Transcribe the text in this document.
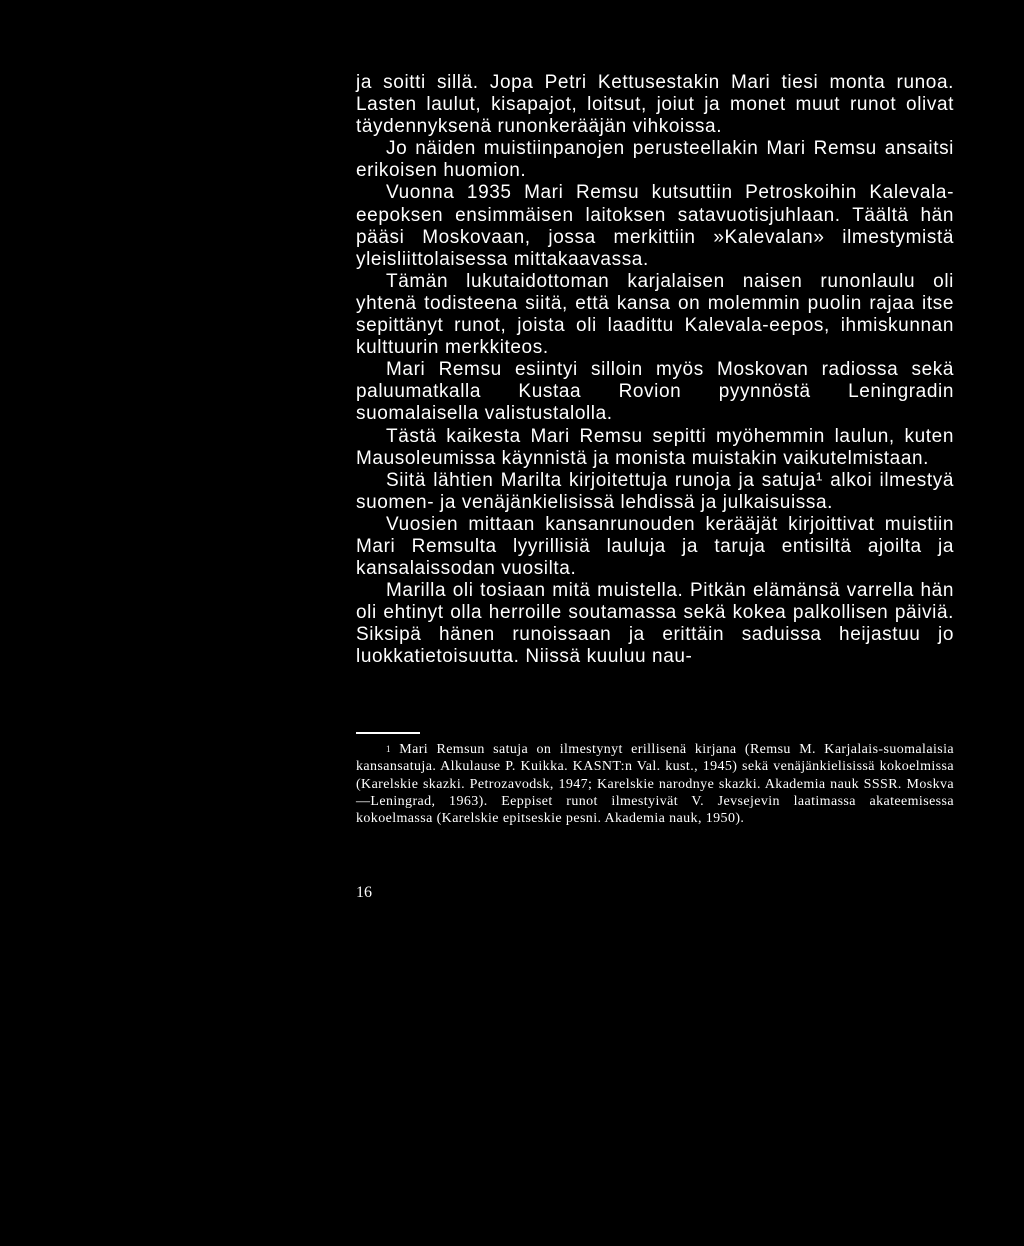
ja soitti sillä. Jopa Petri Kettusestakin Mari tiesi monta runoa. Lasten laulut, kisapajot, loitsut, joiut ja monet muut runot olivat täydennyksenä runonkerääjän vihkoissa.

Jo näiden muistiinpanojen perusteellakin Mari Remsu ansaitsi erikoisen huomion.

Vuonna 1935 Mari Remsu kutsuttiin Petroskoihin Kalevala-eepoksen ensimmäisen laitoksen satavuotisjuhlaan. Täältä hän pääsi Moskovaan, jossa merkittiin »Kalevalan» ilmestymistä yleisliittolaisessa mittakaavassa.

Tämän lukutaidottoman karjalaisen naisen runonlaulu oli yhtenä todisteena siitä, että kansa on molemmin puolin rajaa itse sepittänyt runot, joista oli laadittu Kalevala-eepos, ihmiskunnan kulttuurin merkkiteos.

Mari Remsu esiintyi silloin myös Moskovan radiossa sekä paluumatkalla Kustaa Rovion pyynnöstä Leningradin suomalaisella valistustalolla.

Tästä kaikesta Mari Remsu sepitti myöhemmin laulun, kuten Mausoleumissa käynnistä ja monista muistakin vaikutelmistaan.

Siitä lähtien Marilta kirjoitettuja runoja ja satuja¹ alkoi ilmestyä suomen- ja venäjänkielisissä lehdissä ja julkaisuissa.

Vuosien mittaan kansanrunouden kerääjät kirjoittivat muistiin Mari Remsulta lyyrillisiä lauluja ja taruja entisiltä ajoilta ja kansalaissodan vuosilta.

Marilla oli tosiaan mitä muistella. Pitkän elämänsä varrella hän oli ehtinyt olla herroille soutamassa sekä kokea palkollisen päiviä. Siksipä hänen runoissaan ja erittäin saduissa heijastuu jo luokkatietoisuutta. Niissä kuuluu nau-

$^1$ Mari Remsun satuja on ilmestynyt erillisenä kirjana (Remsu M. Karjalais-suomalaisia kansansatuja. Alkulause P. Kuikka. KASNT:n Val. kust., 1945) sekä venäjänkielisissä kokoelmissa (Karelskie skazki. Petrozavodsk, 1947; Karelskie narodnye skazki. Akademia nauk SSSR. Moskva—Leningrad, 1963). Eeppiset runot ilmestyivät V. Jevsejevin laatimassa akateemisessa kokoelmassa (Karelskie epitseskie pesni. Akademia nauk, 1950).

16
